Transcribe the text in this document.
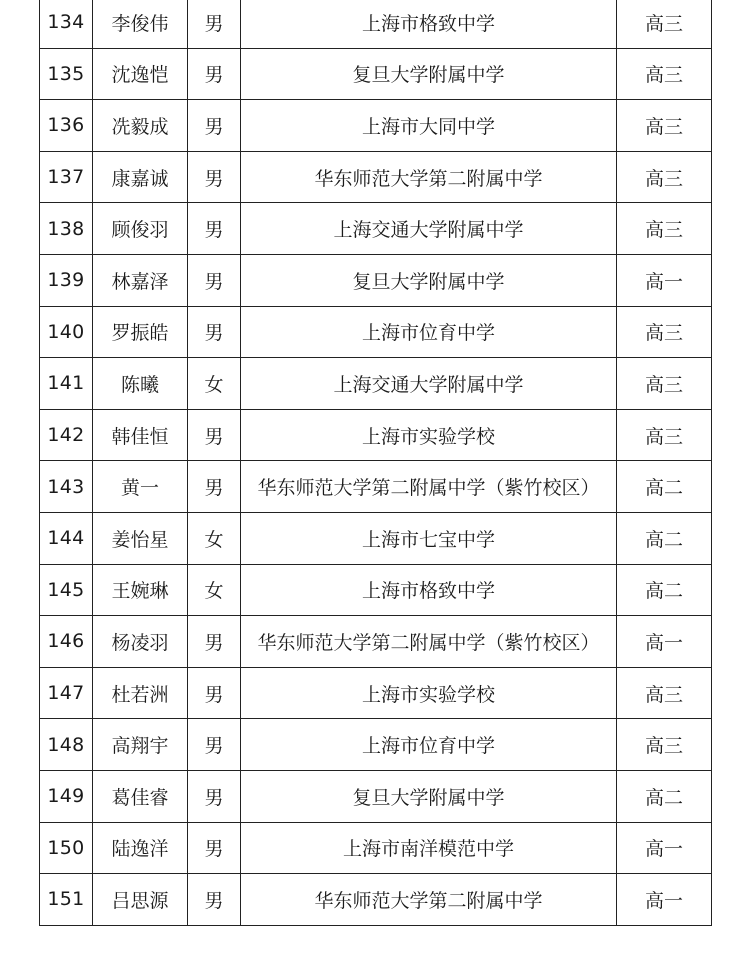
134	李俊伟	男	上海市格致中学	高三
135	沈逸恺	男	复旦大学附属中学	高三
136	冼毅成	男	上海市大同中学	高三
137	康嘉诚	男	华东师范大学第二附属中学	高三
138	顾俊羽	男	上海交通大学附属中学	高三
139	林嘉泽	男	复旦大学附属中学	高一
140	罗振皓	男	上海市位育中学	高三
141	陈曦	女	上海交通大学附属中学	高三
142	韩佳恒	男	上海市实验学校	高三
143	黄一	男	华东师范大学第二附属中学（紫竹校区）	高二
144	姜怡星	女	上海市七宝中学	高二
145	王婉琳	女	上海市格致中学	高二
146	杨凌羽	男	华东师范大学第二附属中学（紫竹校区）	高一
147	杜若洲	男	上海市实验学校	高三
148	高翔宇	男	上海市位育中学	高三
149	葛佳睿	男	复旦大学附属中学	高二
150	陆逸洋	男	上海市南洋模范中学	高一
151	吕思源	男	华东师范大学第二附属中学	高一
